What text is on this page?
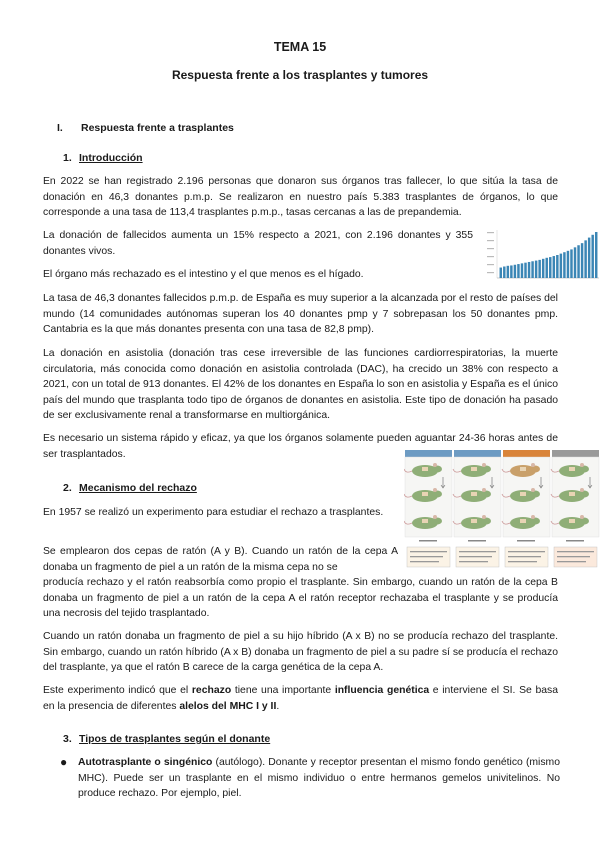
TEMA 15
Respuesta frente a los trasplantes y tumores
I. Respuesta frente a trasplantes
1. Introducción

En 2022 se han registrado 2.196 personas que donaron sus órganos tras fallecer, lo que sitúa la tasa de donación en 46,3 donantes p.m.p. Se realizaron en nuestro país 5.383 trasplantes de órganos, lo que corresponde a una tasa de 113,4 trasplantes p.m.p., tasas cercanas a las de prepandemia.

La donación de fallecidos aumenta un 15% respecto a 2021, con 2.196 donantes y 355 donantes vivos.

El órgano más rechazado es el intestino y el que menos es el hígado.

La tasa de 46,3 donantes fallecidos p.m.p. de España es muy superior a la alcanzada por el resto de países del mundo (14 comunidades autónomas superan los 40 donantes pmp y 7 sobrepasan los 50 donantes pmp. Cantabria es la que más donantes presenta con una tasa de 82,8 pmp).

La donación en asistolia (donación tras cese irreversible de las funciones cardiorrespiratorias, la muerte circulatoria, más conocida como donación en asistolia controlada (DAC), ha crecido un 38% con respecto a 2021, con un total de 913 donantes. El 42% de los donantes en España lo son en asistolia y España es el único país del mundo que trasplanta todo tipo de órganos de donantes en asistolia. Este tipo de donación ha pasado de ser exclusivamente renal a transformarse en multiorgánica.

Es necesario un sistema rápido y eficaz, ya que los órganos solamente pueden aguantar 24-36 horas antes de ser trasplantados.

2. Mecanismo del rechazo

En 1957 se realizó un experimento para estudiar el rechazo a trasplantes.

Se emplearon dos cepas de ratón (A y B). Cuando un ratón de la cepa A donaba un fragmento de piel a un ratón de la misma cepa no se

producía rechazo y el ratón reabsorbía como propio el trasplante. Sin embargo, cuando un ratón de la cepa B donaba un fragmento de piel a un ratón de la cepa A el ratón receptor rechazaba el trasplante y se producía una necrosis del tejido trasplantado.

Cuando un ratón donaba un fragmento de piel a su hijo híbrido (A x B) no se producía rechazo del trasplante. Sin embargo, cuando un ratón híbrido (A x B) donaba un fragmento de piel a su padre sí se producía el rechazo del trasplante, ya que el ratón B carece de la carga genética de la cepa A.

Este experimento indicó que el rechazo tiene una importante influencia genética e interviene el SI. Se basa en la presencia de diferentes alelos del MHC I y II.

3. Tipos de trasplantes según el donante
● Autotrasplante o singénico (autólogo). Donante y receptor presentan el mismo fondo genético (mismo MHC). Puede ser un trasplante en el mismo individuo o entre hermanos gemelos univitelinos. No produce rechazo. Por ejemplo, piel.
